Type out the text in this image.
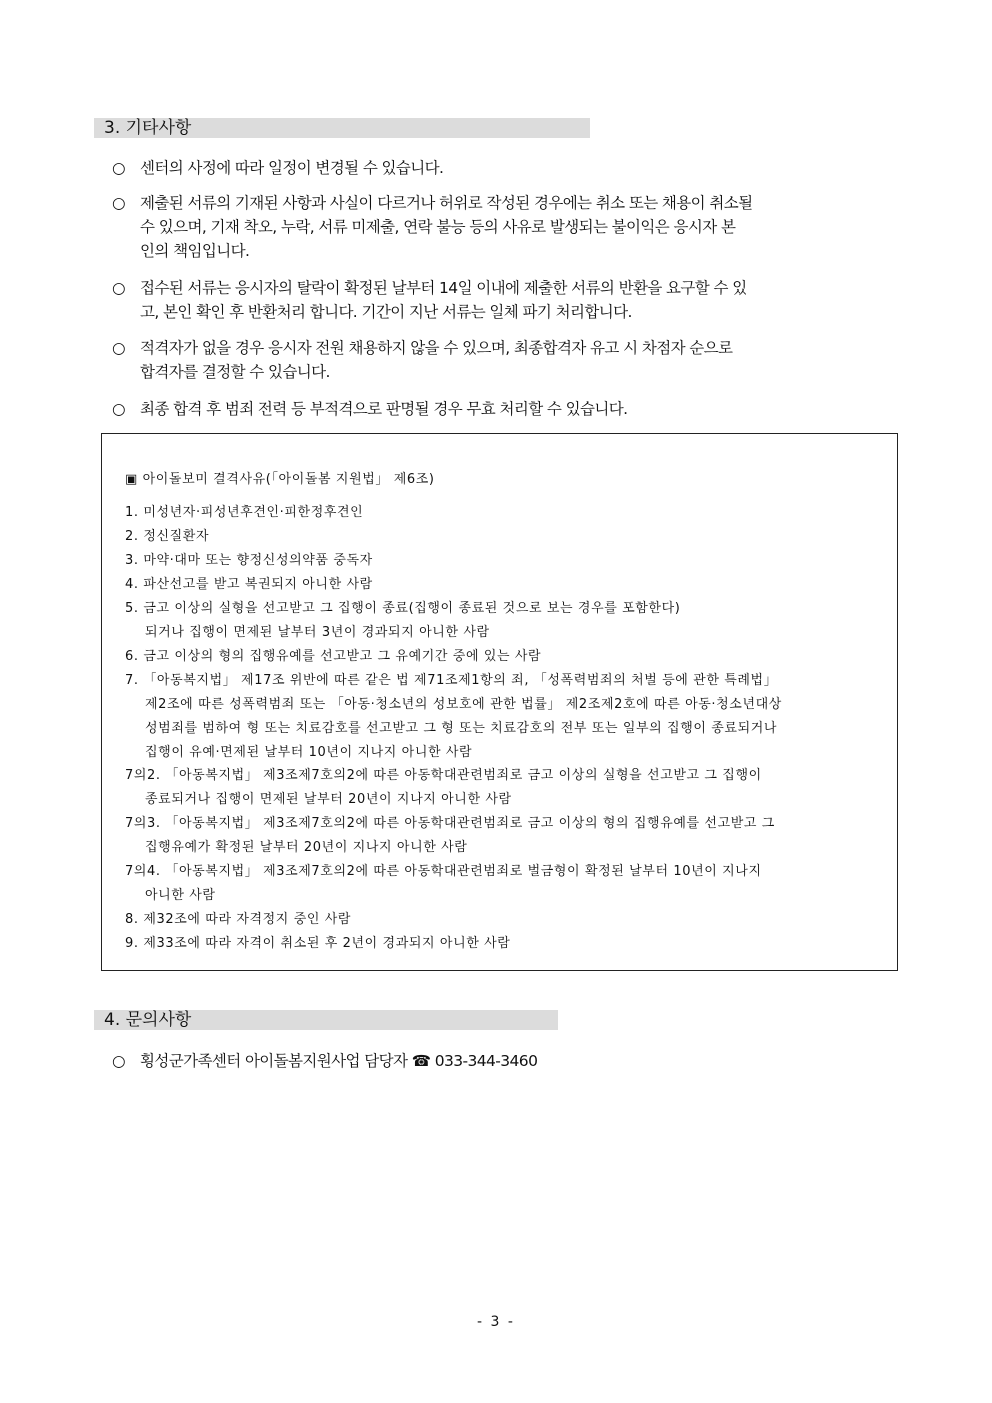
3. 기타사항
○ 센터의 사정에 따라 일정이 변경될 수 있습니다.
○ 제출된 서류의 기재된 사항과 사실이 다르거나 허위로 작성된 경우에는 취소 또는 채용이 취소될
수 있으며, 기재 착오, 누락, 서류 미제출, 연락 불능 등의 사유로 발생되는 불이익은 응시자 본
인의 책임입니다.
○ 접수된 서류는 응시자의 탈락이 확정된 날부터 14일 이내에 제출한 서류의 반환을 요구할 수 있
고, 본인 확인 후 반환처리 합니다. 기간이 지난 서류는 일체 파기 처리합니다.
○ 적격자가 없을 경우 응시자 전원 채용하지 않을 수 있으며, 최종합격자 유고 시 차점자 순으로
합격자를 결정할 수 있습니다.
○ 최종 합격 후 범죄 전력 등 부적격으로 판명될 경우 무효 처리할 수 있습니다.
▣ 아이돌보미 결격사유(「아이돌봄 지원법」 제6조)
1. 미성년자·피성년후견인·피한정후견인
2. 정신질환자
3. 마약·대마 또는 향정신성의약품 중독자
4. 파산선고를 받고 복권되지 아니한 사람
5. 금고 이상의 실형을 선고받고 그 집행이 종료(집행이 종료된 것으로 보는 경우를 포함한다)
되거나 집행이 면제된 날부터 3년이 경과되지 아니한 사람
6. 금고 이상의 형의 집행유예를 선고받고 그 유예기간 중에 있는 사람
7. 「아동복지법」 제17조 위반에 따른 같은 법 제71조제1항의 죄, 「성폭력범죄의 처벌 등에 관한 특례법」
제2조에 따른 성폭력범죄 또는 「아동·청소년의 성보호에 관한 법률」 제2조제2호에 따른 아동·청소년대상
성범죄를 범하여 형 또는 치료감호를 선고받고 그 형 또는 치료감호의 전부 또는 일부의 집행이 종료되거나
집행이 유예·면제된 날부터 10년이 지나지 아니한 사람
7의2. 「아동복지법」 제3조제7호의2에 따른 아동학대관련범죄로 금고 이상의 실형을 선고받고 그 집행이
종료되거나 집행이 면제된 날부터 20년이 지나지 아니한 사람
7의3. 「아동복지법」 제3조제7호의2에 따른 아동학대관련범죄로 금고 이상의 형의 집행유예를 선고받고 그
집행유예가 확정된 날부터 20년이 지나지 아니한 사람
7의4. 「아동복지법」 제3조제7호의2에 따른 아동학대관련범죄로 벌금형이 확정된 날부터 10년이 지나지
아니한 사람
8. 제32조에 따라 자격정지 중인 사람
9. 제33조에 따라 자격이 취소된 후 2년이 경과되지 아니한 사람
4. 문의사항
○ 횡성군가족센터 아이돌봄지원사업 담당자 ☎ 033-344-3460
- 3 -
